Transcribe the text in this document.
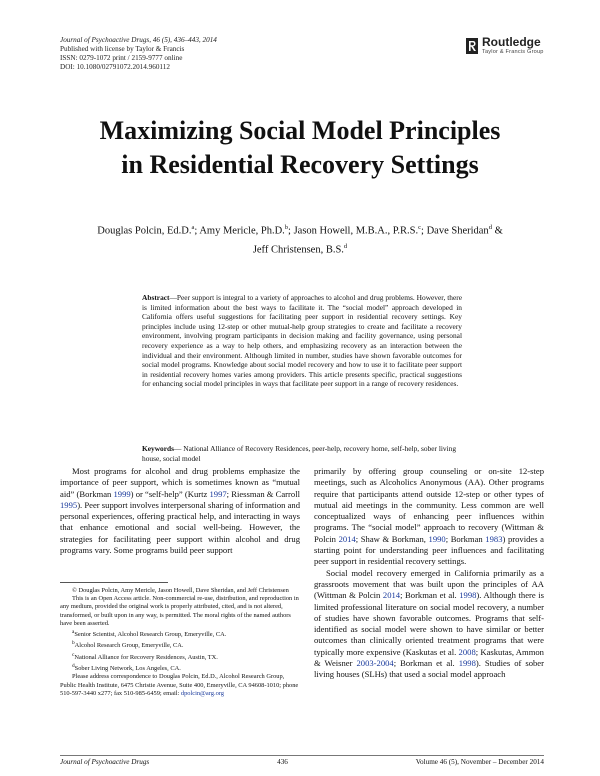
Journal of Psychoactive Drugs, 46 (5), 436–443, 2014
Published with license by Taylor & Francis
ISSN: 0279-1072 print / 2159-9777 online
DOI: 10.1080/02791072.2014.960112
Routledge
Taylor & Francis Group
Maximizing Social Model Principles
in Residential Recovery Settings
Douglas Polcin, Ed.D.$^a$; Amy Mericle, Ph.D.$^b$; Jason Howell, M.B.A., P.R.S.$^c$; Dave Sheridan$^d$ &
Jeff Christensen, B.S.$^d$
Abstract—Peer support is integral to a variety of approaches to alcohol and drug problems. However, there is limited information about the best ways to facilitate it. The “social model” approach developed in California offers useful suggestions for facilitating peer support in residential recovery settings. Key principles include using 12-step or other mutual-help group strategies to create and facilitate a recovery environment, involving program participants in decision making and facility governance, using personal recovery experience as a way to help others, and emphasizing recovery as an interaction between the individual and their environment. Although limited in number, studies have shown favorable outcomes for social model programs. Knowledge about social model recovery and how to use it to facilitate peer support in residential recovery homes varies among providers. This article presents specific, practical suggestions for enhancing social model principles in ways that facilitate peer support in a range of recovery residences.
Keywords— National Alliance of Recovery Residences, peer-help, recovery home, self-help, sober living house, social model

Most programs for alcohol and drug problems emphasize the importance of peer support, which is sometimes known as “mutual aid” (Borkman 1999) or “self-help” (Kurtz 1997; Riessman & Carroll 1995). Peer support involves interpersonal sharing of information and personal experiences, offering practical help, and interacting in ways that enhance emotional and social well-being. However, the strategies for facilitating peer support within alcohol and drug programs vary. Some programs build peer support

© Douglas Polcin, Amy Mericle, Jason Howell, Dave Sheridan, and Jeff Christensen

This is an Open Access article. Non-commercial re-use, distribution, and reproduction in any medium, provided the original work is properly attributed, cited, and is not altered, transformed, or built upon in any way, is permitted. The moral rights of the named authors have been asserted.

$^a$Senior Scientist, Alcohol Research Group, Emeryville, CA.

$^b$Alcohol Research Group, Emeryville, CA.

$^c$National Alliance for Recovery Residences, Austin, TX.

$^d$Sober Living Network, Los Angeles, CA.

Please address correspondence to Douglas Polcin, Ed.D., Alcohol Research Group, Public Health Institute, 6475 Christie Avenue, Suite 400, Emeryville, CA 94608-1010; phone 510-597-3440 x277; fax 510-985-6459; email: dpolcin@arg.org

primarily by offering group counseling or on-site 12-step meetings, such as Alcoholics Anonymous (AA). Other programs require that participants attend outside 12-step or other types of mutual aid meetings in the community. Less common are well conceptualized ways of enhancing peer influences within programs. The “social model” approach to recovery (Wittman & Polcin 2014; Shaw & Borkman, 1990; Borkman 1983) provides a starting point for understanding peer influences and facilitating peer support in residential recovery settings.

Social model recovery emerged in California primarily as a grassroots movement that was built upon the principles of AA (Wittman & Polcin 2014; Borkman et al. 1998). Although there is limited professional literature on social model recovery, a number of studies have shown favorable outcomes. Programs that self-identified as social model were shown to have similar or better outcomes than clinically oriented treatment programs that were typically more expensive (Kaskutas et al. 2008; Kaskutas, Ammon & Weisner 2003-2004; Borkman et al. 1998). Studies of sober living houses (SLHs) that used a social model approach

Journal of Psychoactive Drugs	436	Volume 46 (5), November – December 2014
